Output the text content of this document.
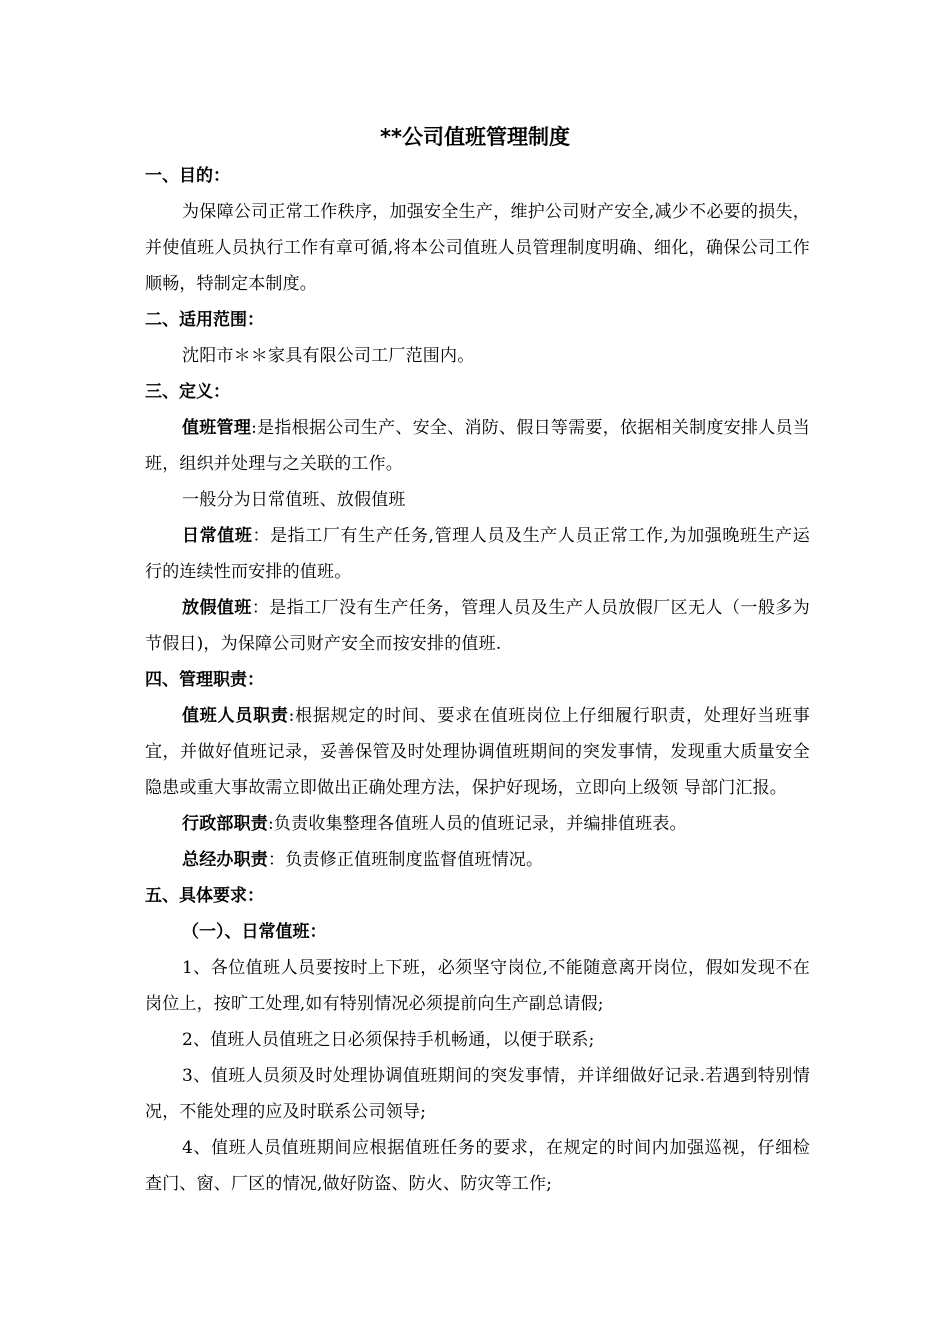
**公司值班管理制度
一、目的：

为保障公司正常工作秩序，加强安全生产，维护公司财产安全,减少不必要的损失，并使值班人员执行工作有章可循,将本公司值班人员管理制度明确、细化，确保公司工作顺畅，特制定本制度。

二、适用范围：

沈阳市＊＊家具有限公司工厂范围内。

三、定义：

值班管理:是指根据公司生产、安全、消防、假日等需要，依据相关制度安排人员当班，组织并处理与之关联的工作。

一般分为日常值班、放假值班

日常值班：是指工厂有生产任务,管理人员及生产人员正常工作,为加强晚班生产运行的连续性而安排的值班。

放假值班：是指工厂没有生产任务，管理人员及生产人员放假厂区无人（一般多为节假日)，为保障公司财产安全而按安排的值班.

四、管理职责：

值班人员职责:根据规定的时间、要求在值班岗位上仔细履行职责，处理好当班事宜，并做好值班记录，妥善保管及时处理协调值班期间的突发事情，发现重大质量安全隐患或重大事故需立即做出正确处理方法，保护好现场，立即向上级领 导部门汇报。

行政部职责:负责收集整理各值班人员的值班记录，并编排值班表。

总经办职责：负责修正值班制度监督值班情况。

五、具体要求：
（一）、日常值班：

1、各位值班人员要按时上下班，必须坚守岗位,不能随意离开岗位，假如发现不在岗位上，按旷工处理,如有特别情况必须提前向生产副总请假;

2、值班人员值班之日必须保持手机畅通，以便于联系;

3、值班人员须及时处理协调值班期间的突发事情，并详细做好记录.若遇到特别情况，不能处理的应及时联系公司领导;

4、值班人员值班期间应根据值班任务的要求，在规定的时间内加强巡视，仔细检查门、窗、厂区的情况,做好防盗、防火、防灾等工作;
